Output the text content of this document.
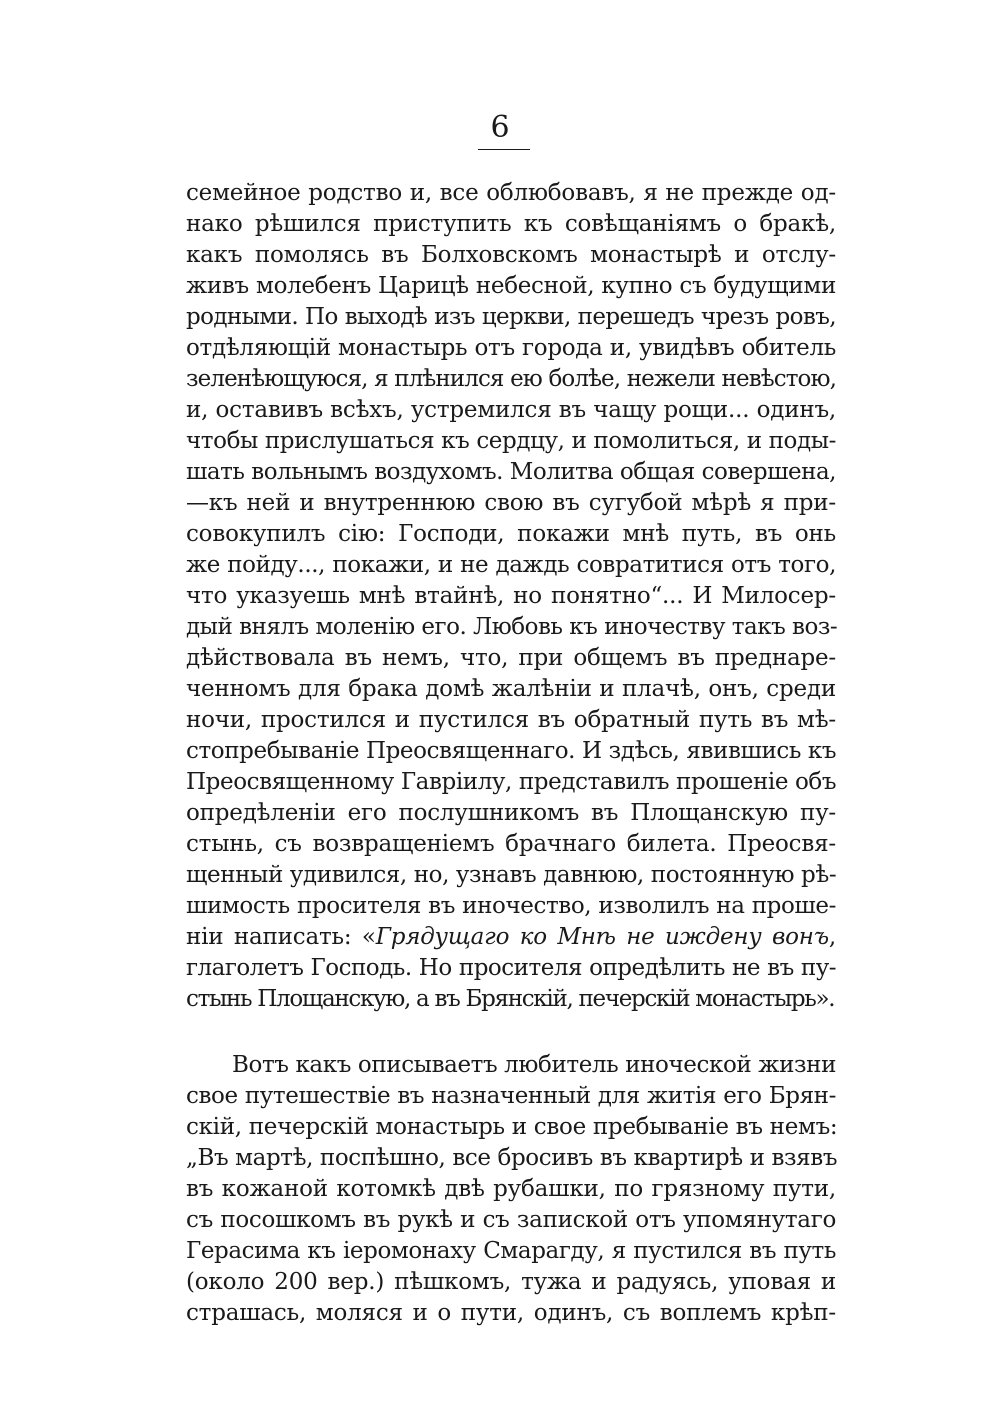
6
семейное родство и, все облюбовавъ, я не прежде од-
нако рѣшился приступить къ совѣщаніямъ о бракѣ,
какъ помолясь въ Болховскомъ монастырѣ и отслу-
живъ молебенъ Царицѣ небесной, купно съ будущими
родными. По выходѣ изъ церкви, перешедъ чрезъ ровъ,
отдѣляющій монастырь отъ города и, увидѣвъ обитель
зеленѣющуюся, я плѣнился ею болѣе, нежели невѣстою,
и, оставивъ всѣхъ, устремился въ чащу рощи... одинъ,
чтобы прислушаться къ сердцу, и помолиться, и поды-
шать вольнымъ воздухомъ. Молитва общая совершена,
—къ ней и внутреннюю свою въ сугубой мѣрѣ я при-
совокупилъ сію: Господи, покажи мнѣ путь, въ онь
же пойду..., покажи, и не даждь совратитися отъ того,
что указуешь мнѣ втайнѣ, но понятно“... И Милосер-
дый внялъ моленію его. Любовь къ иночеству такъ воз-
дѣйствовала въ немъ, что, при общемъ въ преднаре-
ченномъ для брака домѣ жалѣніи и плачѣ, онъ, среди
ночи, простился и пустился въ обратный путь въ мѣ-
стопребываніе Преосвященнаго. И здѣсь, явившись къ
Преосвященному Гавріилу, представилъ прошеніе объ
опредѣленіи его послушникомъ въ Площанскую пу-
стынь, съ возвращеніемъ брачнаго билета. Преосвя-
щенный удивился, но, узнавъ давнюю, постоянную рѣ-
шимость просителя въ иночество, изволилъ на проше-
ніи написать: «Грядущаго ко Мнѣ не иждену вонъ,
глаголетъ Господь. Но просителя опредѣлить не въ пу-
стынь Площанскую, а въ Брянскій, печерскій монастырь».
Вотъ какъ описываетъ любитель иноческой жизни
свое путешествіе въ назначенный для житія его Брян-
скій, печерскій монастырь и свое пребываніе въ немъ:
„Въ мартѣ, поспѣшно, все бросивъ въ квартирѣ и взявъ
въ кожаной котомкѣ двѣ рубашки, по грязному пути,
съ посошкомъ въ рукѣ и съ запиской отъ упомянутаго
Герасима къ іеромонаху Смарагду, я пустился въ путь
(около 200 вер.) пѣшкомъ, тужа и радуясь, уповая и
страшась, моляся и о пути, одинъ, съ воплемъ крѣп-
